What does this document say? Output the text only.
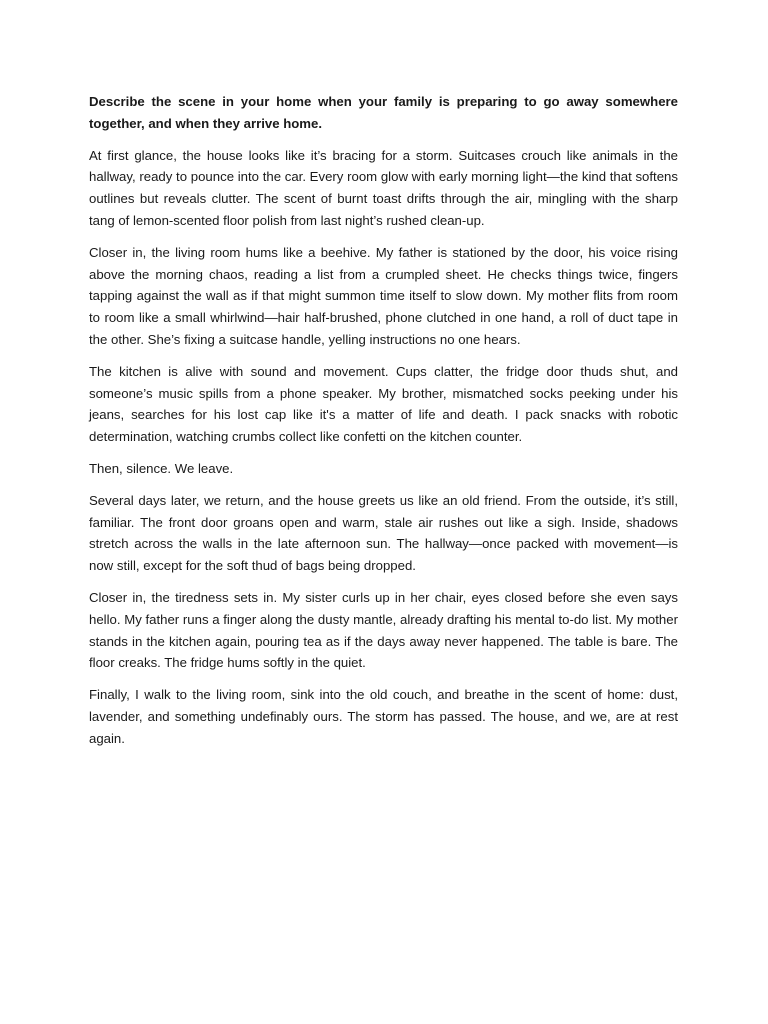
Describe the scene in your home when your family is preparing to go away somewhere together, and when they arrive home.

At first glance, the house looks like it’s bracing for a storm. Suitcases crouch like animals in the hallway, ready to pounce into the car. Every room glow with early morning light—the kind that softens outlines but reveals clutter. The scent of burnt toast drifts through the air, mingling with the sharp tang of lemon-scented floor polish from last night’s rushed clean-up.

Closer in, the living room hums like a beehive. My father is stationed by the door, his voice rising above the morning chaos, reading a list from a crumpled sheet. He checks things twice, fingers tapping against the wall as if that might summon time itself to slow down. My mother flits from room to room like a small whirlwind—hair half-brushed, phone clutched in one hand, a roll of duct tape in the other. She’s fixing a suitcase handle, yelling instructions no one hears.

The kitchen is alive with sound and movement. Cups clatter, the fridge door thuds shut, and someone’s music spills from a phone speaker. My brother, mismatched socks peeking under his jeans, searches for his lost cap like it's a matter of life and death. I pack snacks with robotic determination, watching crumbs collect like confetti on the kitchen counter.

Then, silence. We leave.

Several days later, we return, and the house greets us like an old friend. From the outside, it’s still, familiar. The front door groans open and warm, stale air rushes out like a sigh. Inside, shadows stretch across the walls in the late afternoon sun. The hallway—once packed with movement—is now still, except for the soft thud of bags being dropped.

Closer in, the tiredness sets in. My sister curls up in her chair, eyes closed before she even says hello. My father runs a finger along the dusty mantle, already drafting his mental to-do list. My mother stands in the kitchen again, pouring tea as if the days away never happened. The table is bare. The floor creaks. The fridge hums softly in the quiet.

Finally, I walk to the living room, sink into the old couch, and breathe in the scent of home: dust, lavender, and something undefinably ours. The storm has passed. The house, and we, are at rest again.
